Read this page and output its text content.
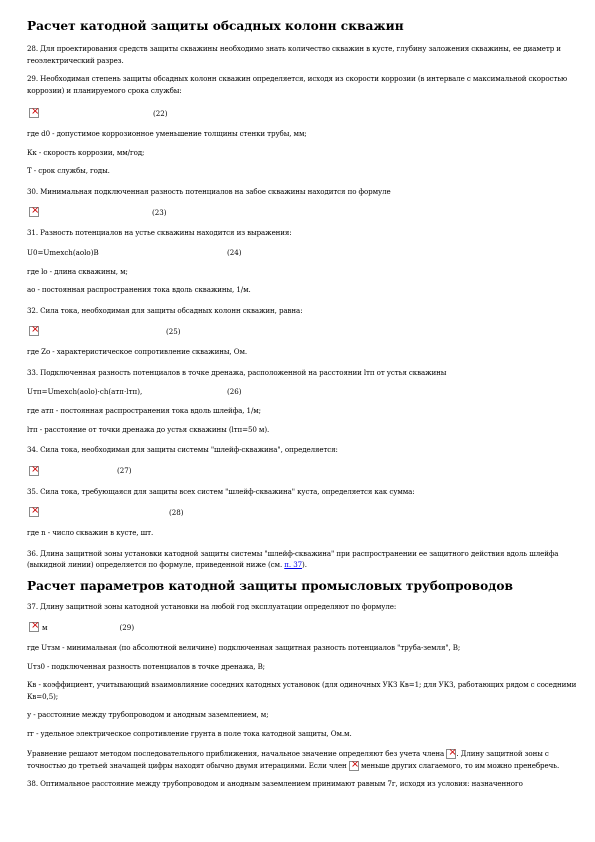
Расчет катодной защиты обсадных колонн скважин

28. Для проектирования средств защиты скважины необходимо знать количество скважин в кусте, глубину заложения скважины, ее диаметр и геоэлектрический разрез.

29. Необходимая степень защиты обсадных колонн скважин определяется, исходя из скорости коррозии (в интервале с максимальной скоростью коррозии) и планируемого срока службы:

×
(22)

где d0 - допустимое коррозионное уменьшение толщины стенки трубы, мм;

Кк - скорость коррозии, мм/год;

Т - срок службы, годы.

30. Минимальная подключенная разность потенциалов на забое скважины находится по формуле

×
(23)

31. Разность потенциалов на устье скважины находится из выражения:

U0=Umexch(aolo)B	(24)

где lo - длина скважины, м;

ao - постоянная распространения тока вдоль скважины, 1/м.

32. Сила тока, необходимая для защиты обсадных колонн скважин, равна:

×
(25)

где Zo - характеристическое сопротивление скважины, Ом.

33. Подключенная разность потенциалов в точке дренажа, расположенной на расстоянии lтп от устья скважины

Uтп=Umexch(aolo)·ch(aтп·lтп),	(26)

где aтп - постоянная распространения тока вдоль шлейфа, 1/м;

lтп - расстояние от точки дренажа до устья скважины (lтп=50 м).

34. Сила тока, необходимая для защиты системы "шлейф-скважина", определяется:

×
(27)

35. Сила тока, требующаяся для защиты всех систем "шлейф-скважина" куста, определяется как сумма:

×
(28)

где n - число скважин в кусте, шт.

36. Длина защитной зоны установки катодной защиты системы "шлейф-скважина" при распространении ее защитного действия вдоль шлейфа (выкидной линии) определяется по формуле, приведенной ниже (см. п. 37).

Расчет параметров катодной защиты промысловых трубопроводов

37. Длину защитной зоны катодной установки на любой год эксплуатации определяют по формуле:

×
м	(29)

где Uтзм - минимальная (по абсолютной величине) подключенная защитная разность потенциалов "труба-земля", В;

Uтз0 - подключенная разность потенциалов в точке дренажа, В;

Кв - коэффициент, учитывающий взаимовлияние соседних катодных установок (для одиночных УКЗ Кв=1; для УКЗ, работающих рядом с соседними Кв=0,5);

у - расстояние между трубопроводом и анодным заземлением, м;

rг - удельное электрическое сопротивление грунта в поле тока катодной защиты, Ом.м.

Уравнение решают методом последовательного приближения, начальное значение определяют без учета члена × . Длину защитной зоны с точностью до третьей значащей цифры находят обычно двумя итерациями. Если член × меньше других слагаемого, то им можно пренебречь.

38. Оптимальное расстояние между трубопроводом и анодным заземлением принимают равным 7г, исходя из условия: назначенного
